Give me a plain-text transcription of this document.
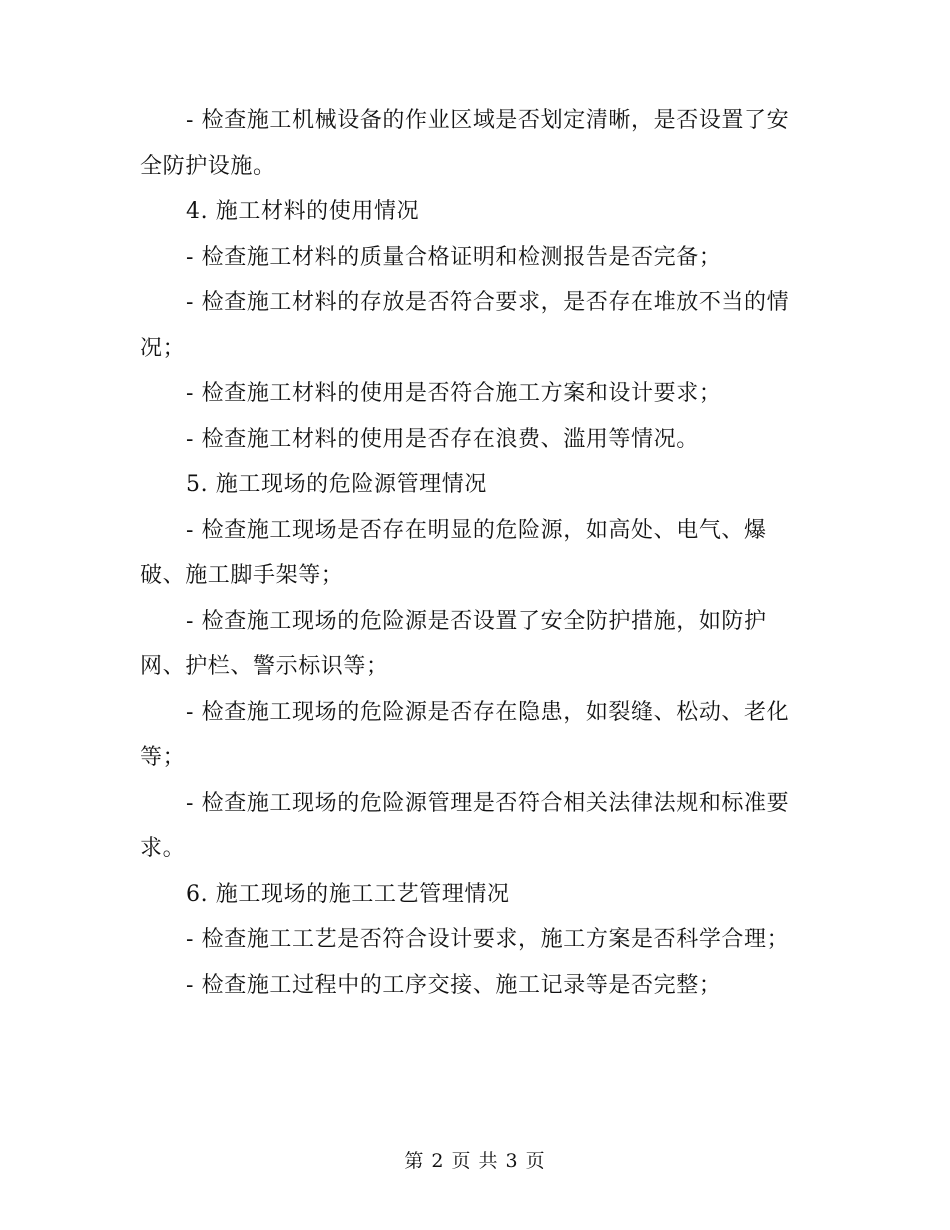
- 检查施工机械设备的作业区域是否划定清晰，是否设置了安全防护设施。

4. 施工材料的使用情况

- 检查施工材料的质量合格证明和检测报告是否完备；

- 检查施工材料的存放是否符合要求，是否存在堆放不当的情况；

- 检查施工材料的使用是否符合施工方案和设计要求；

- 检查施工材料的使用是否存在浪费、滥用等情况。

5. 施工现场的危险源管理情况

- 检查施工现场是否存在明显的危险源，如高处、电气、爆破、施工脚手架等；

- 检查施工现场的危险源是否设置了安全防护措施，如防护网、护栏、警示标识等；

- 检查施工现场的危险源是否存在隐患，如裂缝、松动、老化等；

- 检查施工现场的危险源管理是否符合相关法律法规和标准要求。

6. 施工现场的施工工艺管理情况

- 检查施工工艺是否符合设计要求，施工方案是否科学合理；

- 检查施工过程中的工序交接、施工记录等是否完整；

第 2 页 共 3 页
